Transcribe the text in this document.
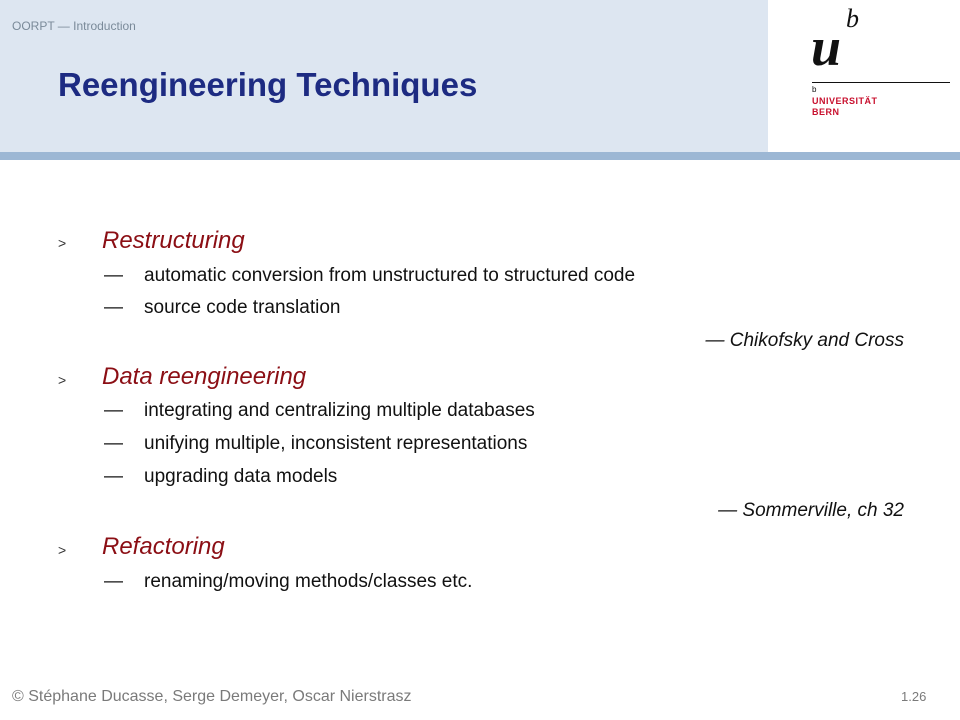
OORPT — Introduction
Reengineering Techniques
u b
b
UNIVERSITÄT
BERN
> Restructuring
— automatic conversion from unstructured to structured code
— source code translation
— Chikofsky and Cross
> Data reengineering
— integrating and centralizing multiple databases
— unifying multiple, inconsistent representations
— upgrading data models
— Sommerville, ch 32
> Refactoring
— renaming/moving methods/classes etc.
© Stéphane Ducasse, Serge Demeyer, Oscar Nierstrasz	1.26
